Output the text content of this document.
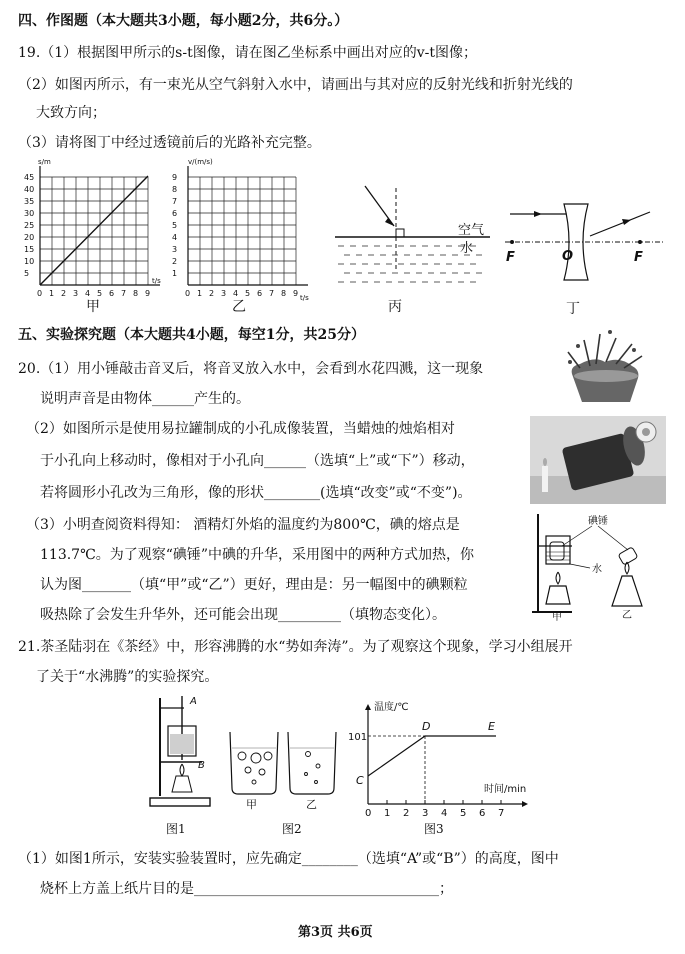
四、作图题（本大题共3小题，每小题2分，共6分。）
19.（1）根据图甲所示的s-t图像，请在图乙坐标系中画出对应的v-t图像；
（2）如图丙所示，有一束光从空气斜射入水中，请画出与其对应的反射光线和折射光线的
大致方向；
（3）请将图丁中经过透镜前后的光路补充完整。
s/m
t/s
45
40
35
30
25
20
15
10
5
0 1 2 3 4 5 6 7 8 9
甲
v/(m/s)
t/s
9
8
7
6
5
4
3
2
1
0 1 2 3 4 5 6 7 8 9
乙
空气
水
丙
F	F
O
丁
五、实验探究题（本大题共4小题，每空1分，共25分）
20.（1）用小锤敲击音叉后，将音叉放入水中，会看到水花四溅，这一现象
说明声音是由物体______产生的。
（2）如图所示是使用易拉罐制成的小孔成像装置，当蜡烛的烛焰相对
于小孔向上移动时，像相对于小孔向______（选填“上”或“下”）移动，
若将圆形小孔改为三角形，像的形状________(选填“改变”或“不变”)。
（3）小明查阅资料得知： 酒精灯外焰的温度约为800℃，碘的熔点是
113.7℃。为了观察“碘锤”中碘的升华，采用图中的两种方式加热，你
认为图_______（填“甲”或“乙”）更好，理由是：另一幅图中的碘颗粒
吸热除了会发生升华外，还可能会出现_________（填物态变化）。
碘锤
水
甲	乙
21.茶圣陆羽在《茶经》中，形容沸腾的水“势如奔涛”。为了观察这个现象，学习小组展开
了关于“水沸腾”的实验探究。
A
B
图1
甲	乙
图2
0 1 2 3 4 5 6 7
温度/℃
时间/min
101
C
D	E
图3
（1）如图1所示，安装实验装置时，应先确定________（选填“A”或“B”）的高度，图中
烧杯上方盖上纸片目的是___________________________________；
第3页 共6页
